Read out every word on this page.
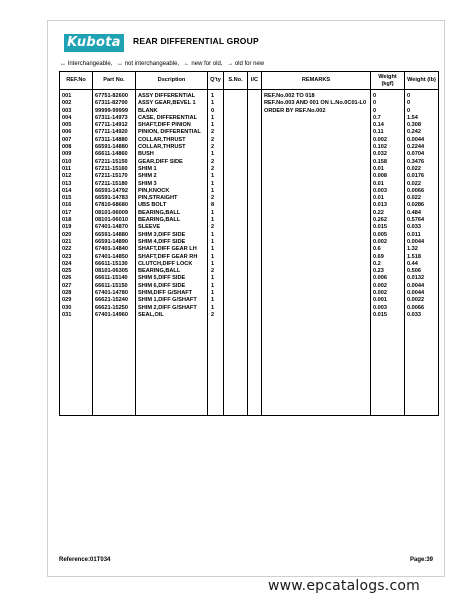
Kubota	REAR DIFFERENTIAL GROUP
↔ Interchangeable, ↔ not interchangeable, ← new for old, → old for new
REF.No	Part No.	Dscription	Q'ty	S.No.	I/C	REMARKS	Weight (kgf)	Weight (lb)

001	67751-82600	ASSY DIFFERENTIAL	1			REF.No.002 TO 018	0	0
002	67311-82700	ASSY GEAR,BEVEL 1	1			REF.No.003 AND 001 ON L.No.0C01-L0	0	0
003	99999-99999	BLANK	0			ORDER BY REF.No.002	0	0
004	67311-14973	CASE, DIFFERENTIAL	1				0.7	1.54
005	67711-14912	SHAFT,DIFF PINION	1				0.14	0.308
006	67711-14920	PINION, DIFFERENTIAL	2				0.11	0.242
007	67311-14880	COLLAR,THRUST	2				0.002	0.0044
008	66591-14880	COLLAR,THRUST	2				0.102	0.2244
009	66611-14860	BUSH	1				0.032	0.0704
010	67211-15150	GEAR,DIFF SIDE	2				0.158	0.3476
011	67211-15160	SHIM 1	2				0.01	0.022
012	67211-15170	SHIM 2	1				0.008	0.0176
013	67211-15180	SHIM 3	1				0.01	0.022
014	66591-14792	PIN,KNOCK	1				0.003	0.0066
015	66591-14783	PIN,STRAIGHT	2				0.01	0.022
016	67810-68680	UBS BOLT	8				0.013	0.0286
017	08101-06009	BEARING,BALL	1				0.22	0.484
018	08101-06010	BEARING,BALL	1				0.262	0.5764
019	67401-14870	SLEEVE	2				0.015	0.033
020	66591-14880	SHIM 3,DIFF SIDE	1				0.005	0.011
021	66591-14890	SHIM 4,DIFF SIDE	1				0.002	0.0044
022	67401-14840	SHAFT,DIFF GEAR LH	1				0.6	1.32
023	67401-14850	SHAFT,DIFF GEAR RH	1				0.69	1.518
024	66611-15130	CLUTCH,DIFF LOCK	1				0.2	0.44
025	08101-06305	BEARING,BALL	2				0.23	0.506
026	66611-15140	SHIM 5,DIFF SIDE	1				0.006	0.0132
027	66611-15150	SHIM 6,DIFF SIDE	1				0.002	0.0044
028	67401-14780	SHIM,DIFF G/SHAFT	1				0.002	0.0044
029	66621-15240	SHIM 1,DIFF G/SHAFT	1				0.001	0.0022
030	66621-15250	SHIM 2,DIFF G/SHAFT	1				0.003	0.0066
031	67401-14960	SEAL,OIL	2				0.015	0.033

Reference:01T034	Page:39
www.epcatalogs.com
